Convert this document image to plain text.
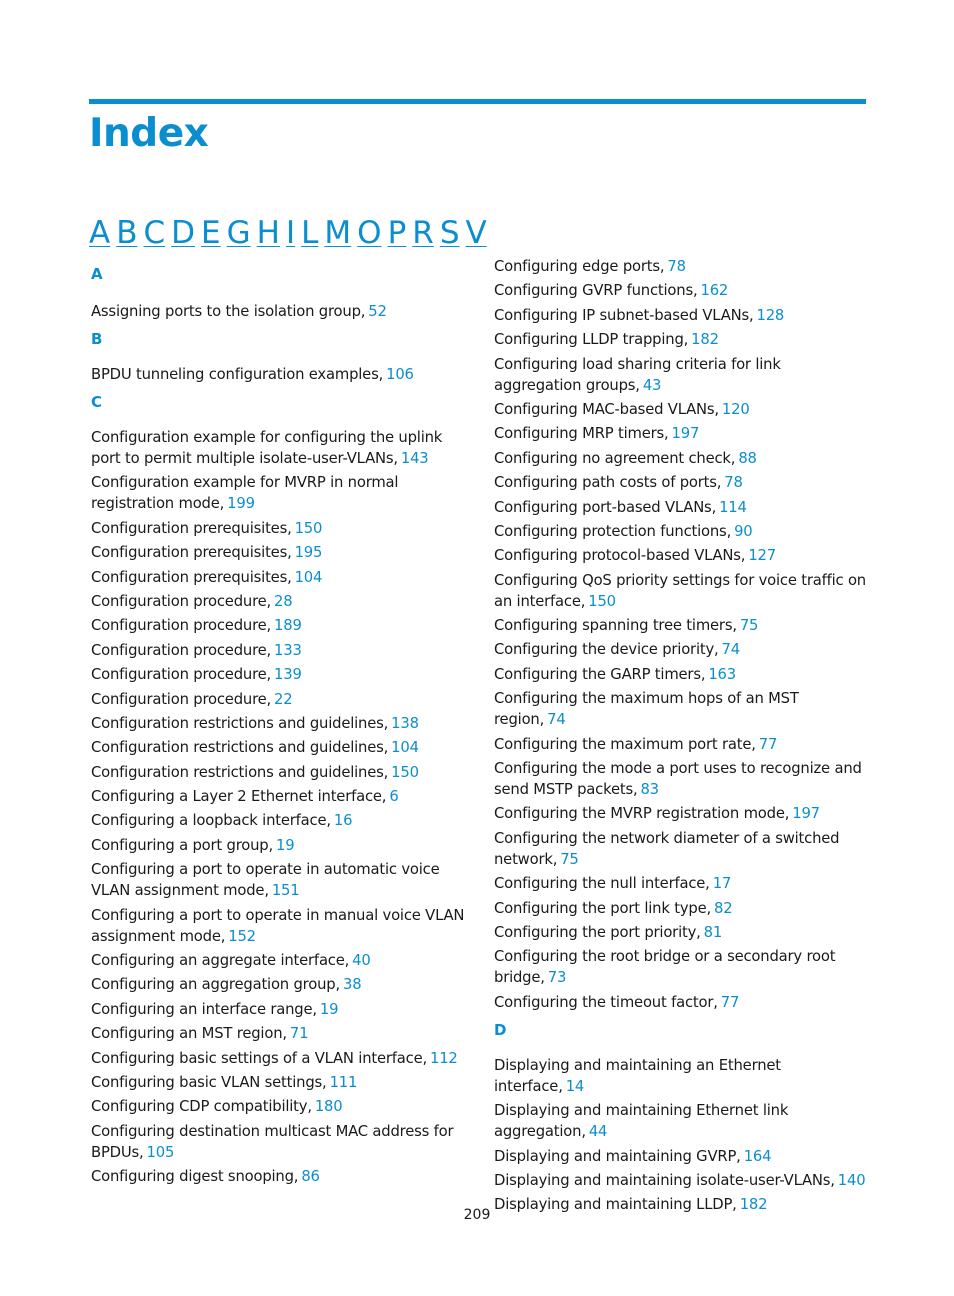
Index
A B C D E G H I L M O P R S V
A
Assigning ports to the isolation group, 52
B
BPDU tunneling configuration examples, 106
C
Configuration example for configuring the uplink port to permit multiple isolate-user-VLANs, 143
Configuration example for MVRP in normal registration mode, 199
Configuration prerequisites, 150
Configuration prerequisites, 195
Configuration prerequisites, 104
Configuration procedure, 28
Configuration procedure, 189
Configuration procedure, 133
Configuration procedure, 139
Configuration procedure, 22
Configuration restrictions and guidelines, 138
Configuration restrictions and guidelines, 104
Configuration restrictions and guidelines, 150
Configuring a Layer 2 Ethernet interface, 6
Configuring a loopback interface, 16
Configuring a port group, 19
Configuring a port to operate in automatic voice VLAN assignment mode, 151
Configuring a port to operate in manual voice VLAN assignment mode, 152
Configuring an aggregate interface, 40
Configuring an aggregation group, 38
Configuring an interface range, 19
Configuring an MST region, 71
Configuring basic settings of a VLAN interface, 112
Configuring basic VLAN settings, 111
Configuring CDP compatibility, 180
Configuring destination multicast MAC address for BPDUs, 105
Configuring digest snooping, 86
Configuring edge ports, 78
Configuring GVRP functions, 162
Configuring IP subnet-based VLANs, 128
Configuring LLDP trapping, 182
Configuring load sharing criteria for link aggregation groups, 43
Configuring MAC-based VLANs, 120
Configuring MRP timers, 197
Configuring no agreement check, 88
Configuring path costs of ports, 78
Configuring port-based VLANs, 114
Configuring protection functions, 90
Configuring protocol-based VLANs, 127
Configuring QoS priority settings for voice traffic on an interface, 150
Configuring spanning tree timers, 75
Configuring the device priority, 74
Configuring the GARP timers, 163
Configuring the maximum hops of an MST region, 74
Configuring the maximum port rate, 77
Configuring the mode a port uses to recognize and send MSTP packets, 83
Configuring the MVRP registration mode, 197
Configuring the network diameter of a switched network, 75
Configuring the null interface, 17
Configuring the port link type, 82
Configuring the port priority, 81
Configuring the root bridge or a secondary root bridge, 73
Configuring the timeout factor, 77
D
Displaying and maintaining an Ethernet interface, 14
Displaying and maintaining Ethernet link aggregation, 44
Displaying and maintaining GVRP, 164
Displaying and maintaining isolate-user-VLANs, 140
Displaying and maintaining LLDP, 182
209
